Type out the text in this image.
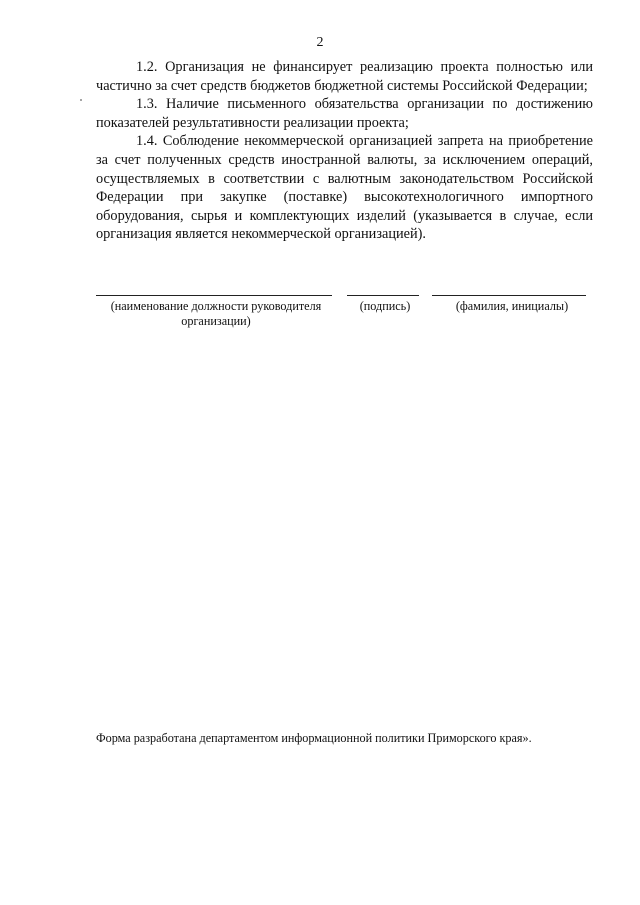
2

1.2. Организация не финансирует реализацию проекта полностью или частично за счет средств бюджетов бюджетной системы Российской Федерации;

1.3. Наличие письменного обязательства организации по достижению показателей результативности реализации проекта;

1.4. Соблюдение некоммерческой организацией запрета на приобретение за счет полученных средств иностранной валюты, за исключением операций, осуществляемых в соответствии с валютным законодательством Российской Федерации при закупке (поставке) высокотехнологичного импортного оборудования, сырья и комплектующих изделий (указывается в случае, если организация является некоммерческой организацией).

(наименование должности руководителя организации)
(подпись)	(фамилия, инициалы)
Форма разработана департаментом информационной политики Приморского края».
